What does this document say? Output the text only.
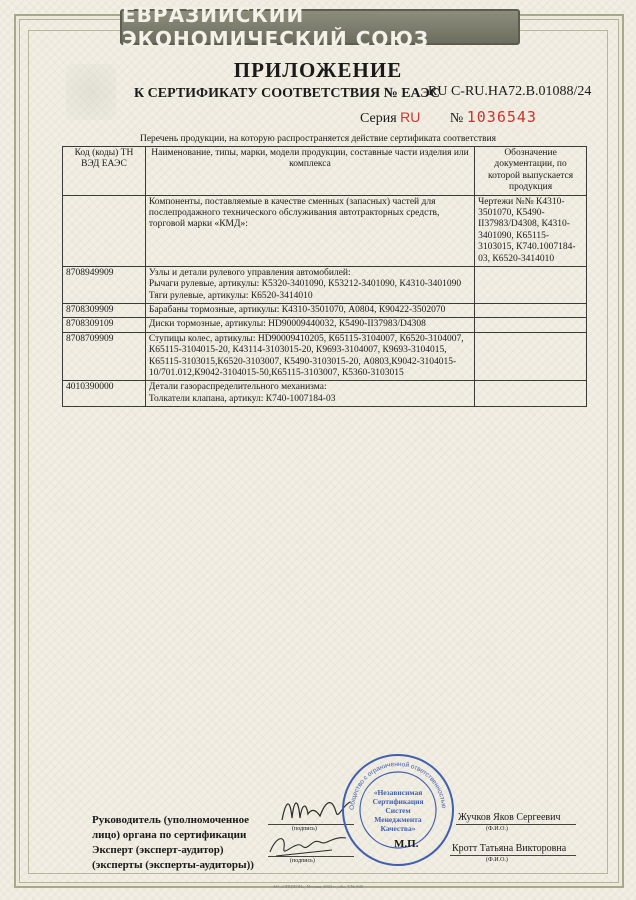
ЕВРАЗИЙСКИЙ ЭКОНОМИЧЕСКИЙ СОЮЗ
ПРИЛОЖЕНИЕ
К СЕРТИФИКАТУ СООТВЕТСТВИЯ № ЕАЭС
RU С-RU.НА72.В.01088/24
Серия RU № 1036543
Перечень продукции, на которую распространяется действие сертификата соответствия
Код (коды) ТН ВЭД ЕАЭС	Наименование, типы, марки, модели продукции, составные части изделия или комплекса	Обозначение документации, по которой выпускается продукция

	Компоненты, поставляемые в качестве сменных (запасных) частей для послепродажного технического обслуживания автотракторных средств, торговой марки «КМД»:	Чертежи №№ К4310-3501070, К5490-II37983/D4308, К4310-3401090, К65115-3103015, К740.1007184-03, К6520-3414010
8708949909	Узлы и детали рулевого управления автомобилей:
Рычаги рулевые, артикулы: К5320-3401090, К53212-3401090, К4310-3401090
Тяги рулевые, артикулы: К6520-3414010	

8708309909	Барабаны тормозные, артикулы: К4310-3501070, А0804, К90422-3502070	

8708309109	Диски тормозные, артикулы: HD90009440032, К5490-II37983/D4308	

8708709909	Ступицы колес, артикулы: HD90009410205, К65115-3104007, К6520-3104007, К65115-3104015-20, К43114-3103015-20, К9693-3104007, К9693-3104015, К65115-3103015,К6520-3103007, К5490-3103015-20, А0803,К9042-3104015-10/701.012,К9042-3104015-50,К65115-3103007, К5360-3103015	

4010390000	Детали газораспределительного механизма:
Толкатели клапана, артикул: К740-1007184-03	

Руководитель (уполномоченное
лицо) органа по сертификации	(подпись)
Жучков Яков Сергеевич
(Ф.И.О.)
Эксперт (эксперт-аудитор)
(эксперты (эксперты-аудиторы))	(подпись)
Кротт Татьяна Викторовна
(Ф.И.О.)
Общество с ограниченной ответственностью
«Независимая
Сертификация
Систем
Менеджмента
Качества»
М.П.
АО «ОПЦИОН», Москва, 2023 г., «Б», Т.№ 845
